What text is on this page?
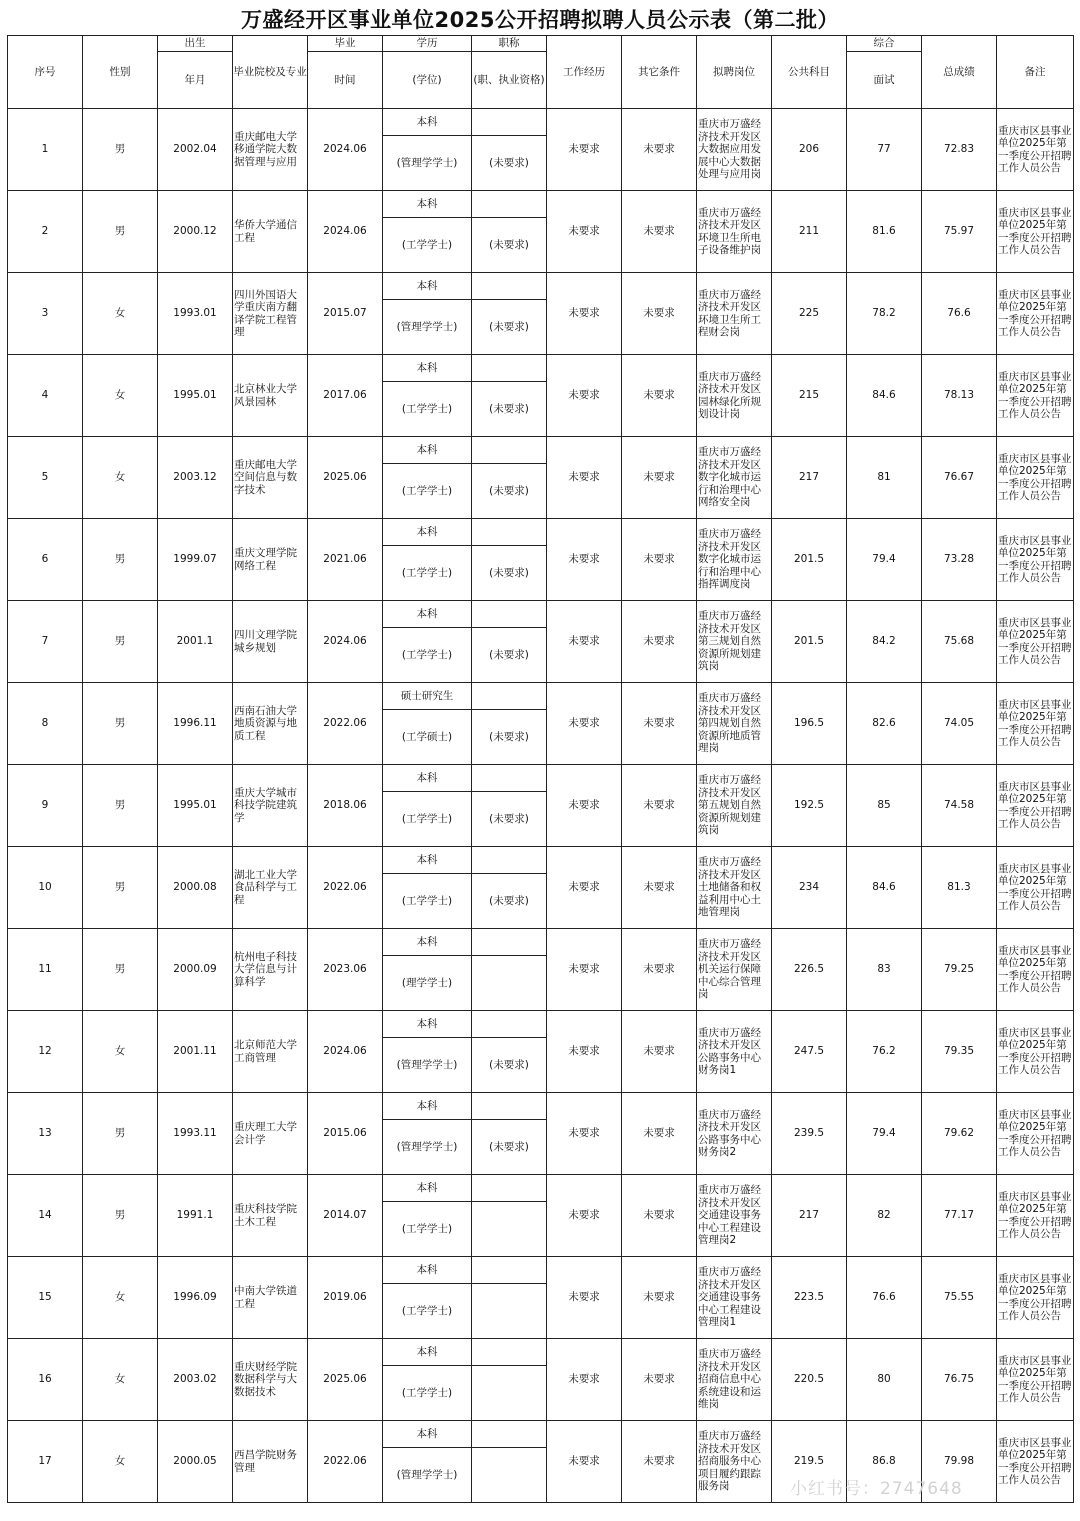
万盛经开区事业单位2025公开招聘拟聘人员公示表（第二批）
序号	性别	出生	毕业院校及专业	毕业	学历	职称	工作经历	其它条件	拟聘岗位	公共科目	综合	总成绩	备注
		年月		时间	(学位)	(职、执业资格)					面试		
1	男	2002.04	重庆邮电大学移通学院大数据管理与应用	2024.06	本科		未要求	未要求	重庆市万盛经济技术开发区大数据应用发展中心大数据处理与应用岗	206	77	72.83	重庆市区县事业单位2025年第一季度公开招聘工作人员公告
					(管理学学士)	(未要求)							
2	男	2000.12	华侨大学通信工程	2024.06	本科		未要求	未要求	重庆市万盛经济技术开发区环境卫生所电子设备维护岗	211	81.6	75.97	重庆市区县事业单位2025年第一季度公开招聘工作人员公告
					(工学学士)	(未要求)							
3	女	1993.01	四川外国语大学重庆南方翻译学院工程管理	2015.07	本科		未要求	未要求	重庆市万盛经济技术开发区环境卫生所工程财会岗	225	78.2	76.6	重庆市区县事业单位2025年第一季度公开招聘工作人员公告
					(管理学学士)	(未要求)							
4	女	1995.01	北京林业大学风景园林	2017.06	本科		未要求	未要求	重庆市万盛经济技术开发区园林绿化所规划设计岗	215	84.6	78.13	重庆市区县事业单位2025年第一季度公开招聘工作人员公告
					(工学学士)	(未要求)							
5	女	2003.12	重庆邮电大学空间信息与数字技术	2025.06	本科		未要求	未要求	重庆市万盛经济技术开发区数字化城市运行和治理中心网络安全岗	217	81	76.67	重庆市区县事业单位2025年第一季度公开招聘工作人员公告
					(工学学士)	(未要求)							
6	男	1999.07	重庆文理学院网络工程	2021.06	本科		未要求	未要求	重庆市万盛经济技术开发区数字化城市运行和治理中心指挥调度岗	201.5	79.4	73.28	重庆市区县事业单位2025年第一季度公开招聘工作人员公告
					(工学学士)	(未要求)							
7	男	2001.1	四川文理学院城乡规划	2024.06	本科		未要求	未要求	重庆市万盛经济技术开发区第三规划自然资源所规划建筑岗	201.5	84.2	75.68	重庆市区县事业单位2025年第一季度公开招聘工作人员公告
					(工学学士)	(未要求)							
8	男	1996.11	西南石油大学地质资源与地质工程	2022.06	硕士研究生		未要求	未要求	重庆市万盛经济技术开发区第四规划自然资源所地质管理岗	196.5	82.6	74.05	重庆市区县事业单位2025年第一季度公开招聘工作人员公告
					(工学硕士)	(未要求)							
9	男	1995.01	重庆大学城市科技学院建筑学	2018.06	本科		未要求	未要求	重庆市万盛经济技术开发区第五规划自然资源所规划建筑岗	192.5	85	74.58	重庆市区县事业单位2025年第一季度公开招聘工作人员公告
					(工学学士)	(未要求)							
10	男	2000.08	湖北工业大学食品科学与工程	2022.06	本科		未要求	未要求	重庆市万盛经济技术开发区土地储备和权益利用中心土地管理岗	234	84.6	81.3	重庆市区县事业单位2025年第一季度公开招聘工作人员公告
					(工学学士)	(未要求)							
11	男	2000.09	杭州电子科技大学信息与计算科学	2023.06	本科		未要求	未要求	重庆市万盛经济技术开发区机关运行保障中心综合管理岗	226.5	83	79.25	重庆市区县事业单位2025年第一季度公开招聘工作人员公告
					(理学学士)								
12	女	2001.11	北京师范大学工商管理	2024.06	本科		未要求	未要求	重庆市万盛经济技术开发区公路事务中心财务岗1	247.5	76.2	79.35	重庆市区县事业单位2025年第一季度公开招聘工作人员公告
					(管理学学士)	(未要求)							
13	男	1993.11	重庆理工大学会计学	2015.06	本科		未要求	未要求	重庆市万盛经济技术开发区公路事务中心财务岗2	239.5	79.4	79.62	重庆市区县事业单位2025年第一季度公开招聘工作人员公告
					(管理学学士)	(未要求)							
14	男	1991.1	重庆科技学院土木工程	2014.07	本科		未要求	未要求	重庆市万盛经济技术开发区交通建设事务中心工程建设管理岗2	217	82	77.17	重庆市区县事业单位2025年第一季度公开招聘工作人员公告
					(工学学士)								
15	女	1996.09	中南大学铁道工程	2019.06	本科		未要求	未要求	重庆市万盛经济技术开发区交通建设事务中心工程建设管理岗1	223.5	76.6	75.55	重庆市区县事业单位2025年第一季度公开招聘工作人员公告
					(工学学士)								
16	女	2003.02	重庆财经学院数据科学与大数据技术	2025.06	本科		未要求	未要求	重庆市万盛经济技术开发区招商信息中心系统建设和运维岗	220.5	80	76.75	重庆市区县事业单位2025年第一季度公开招聘工作人员公告
					(工学学士)								
17	女	2000.05	西昌学院财务管理	2022.06	本科		未要求	未要求	重庆市万盛经济技术开发区招商服务中心项目履约跟踪服务岗	219.5	86.8	79.98	重庆市区县事业单位2025年第一季度公开招聘工作人员公告
					(管理学学士)								
小红书号：2747648
